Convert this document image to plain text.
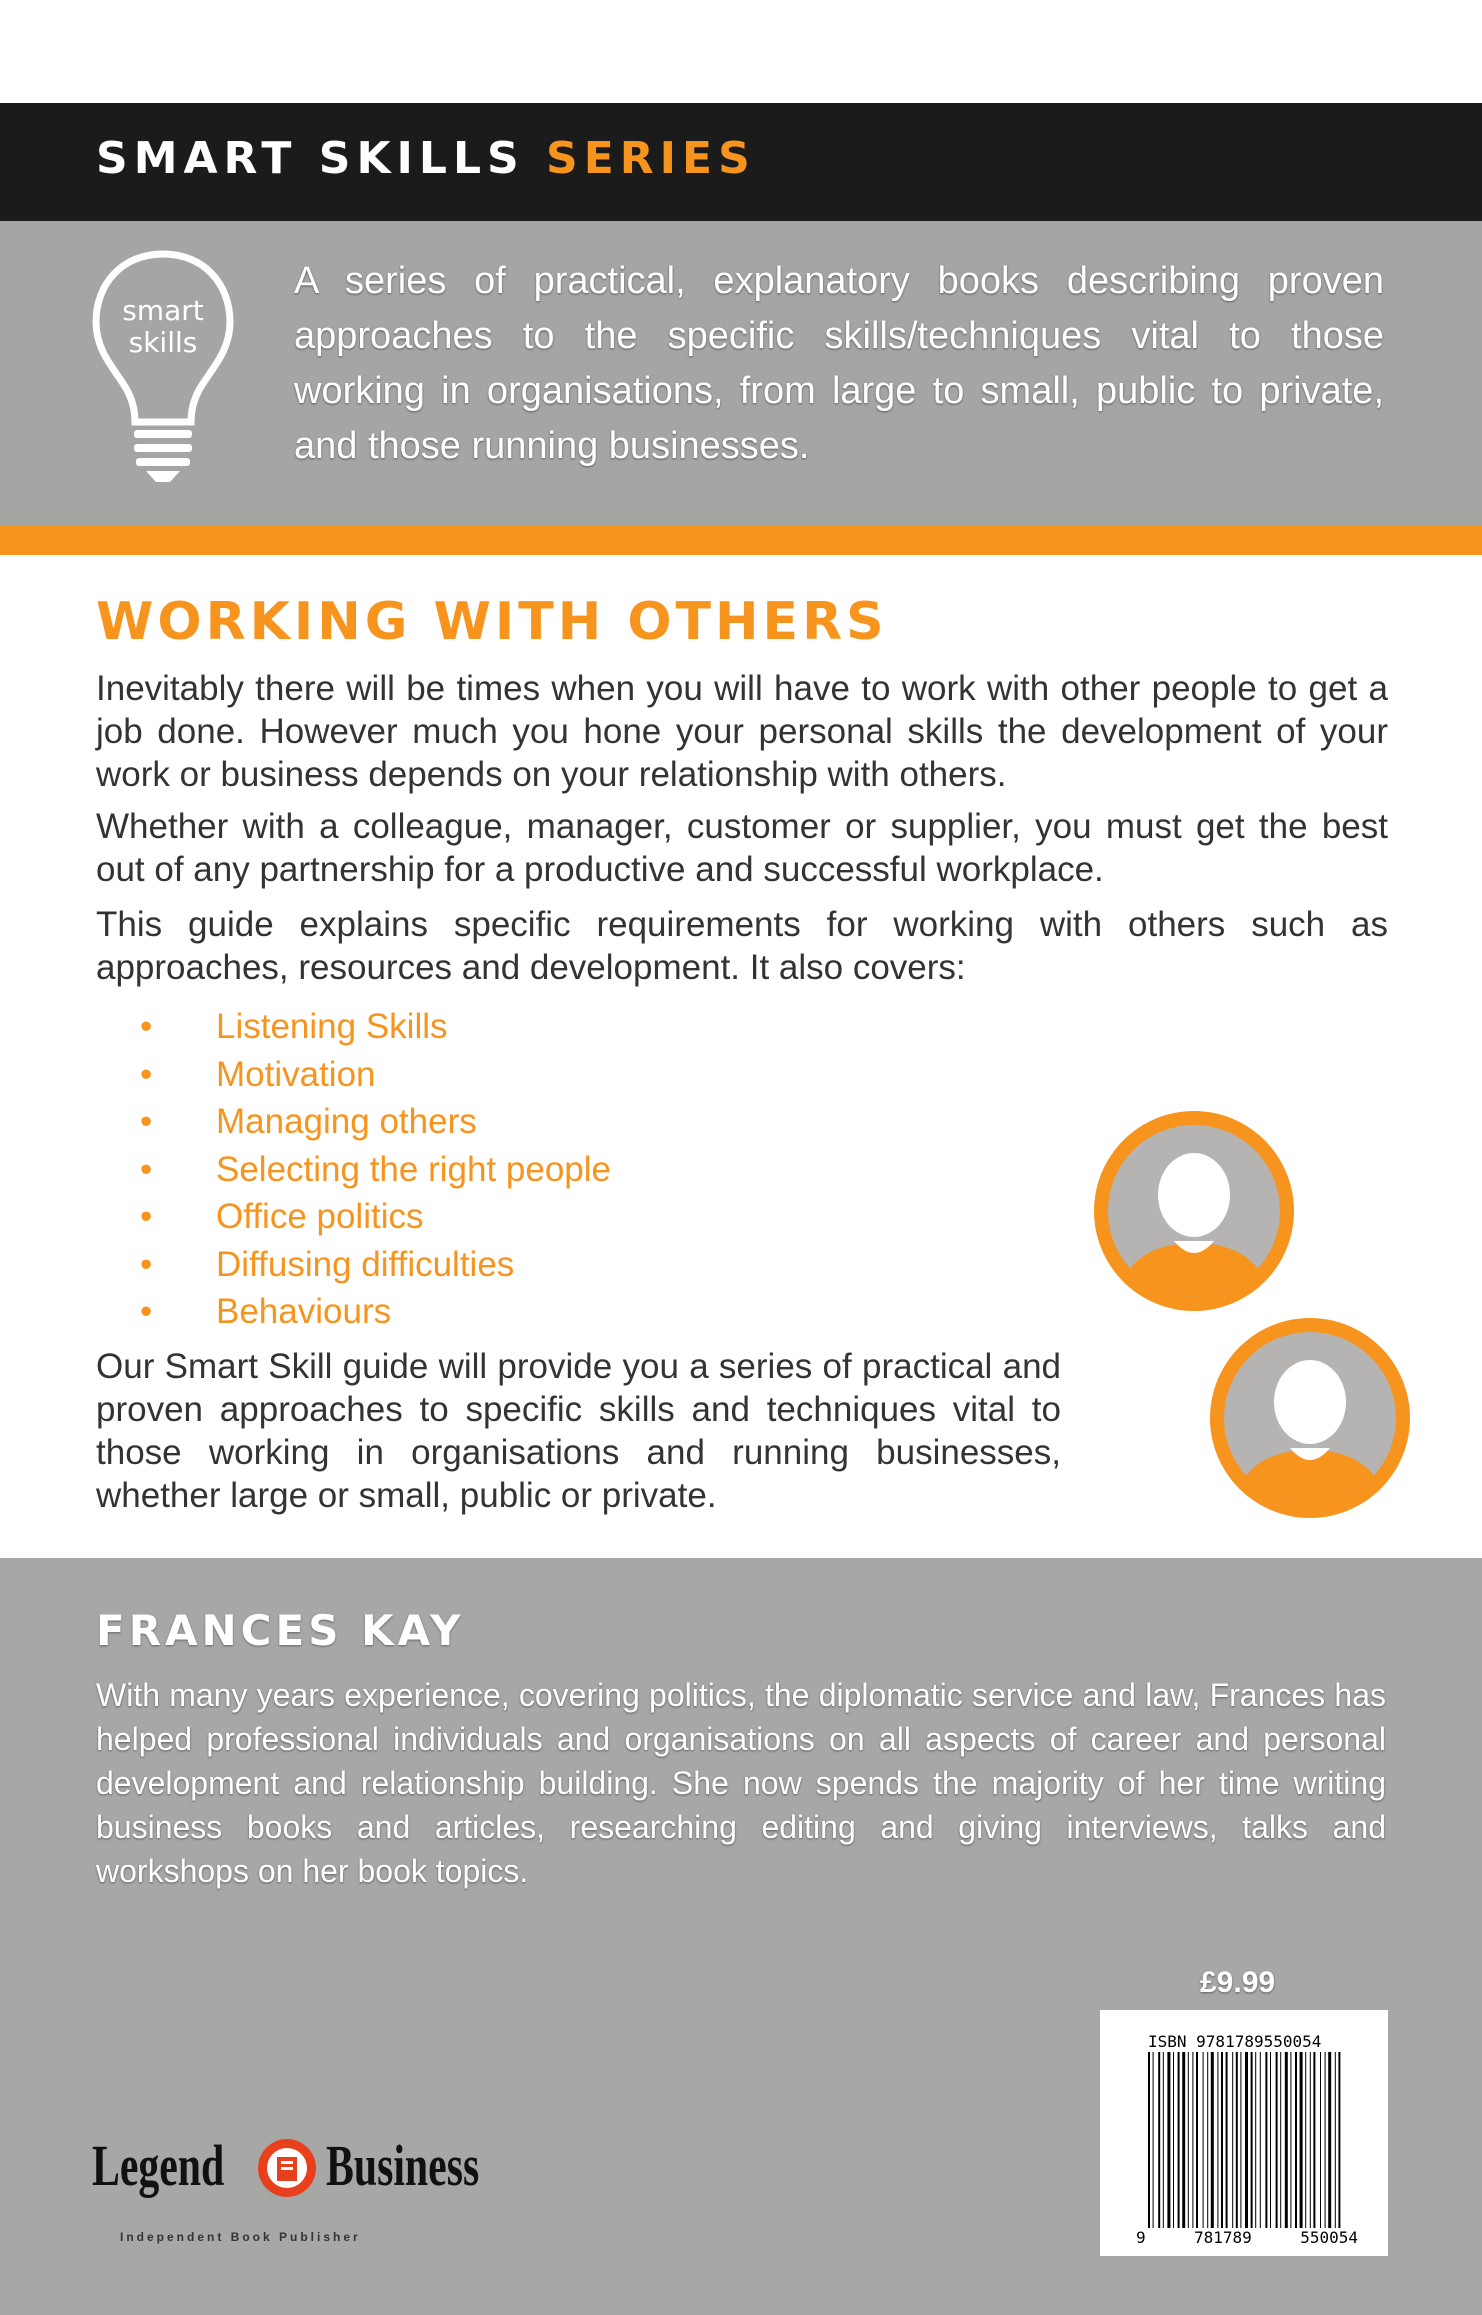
SMART SKILLS SERIES
smart
skills
A series of practical, explanatory books describing proven approaches to the specific skills/techniques vital to those working in organisations, from large to small, public to private, and those running businesses.
WORKING WITH OTHERS
Inevitably there will be times when you will have to work with other people to get a job done. However much you hone your personal skills the development of your work or business depends on your relationship with others.
Whether with a colleague, manager, customer or supplier, you must get the best out of any partnership for a productive and successful workplace.
This guide explains specific requirements for working with others such as approaches, resources and development. It also covers:
• Listening Skills
• Motivation
• Managing others
• Selecting the right people
• Office politics
• Diffusing difficulties
• Behaviours
Our Smart Skill guide will provide you a series of practical and proven approaches to specific skills and techniques vital to those working in organisations and running businesses, whether large or small, public or private.
FRANCES KAY
With many years experience, covering politics, the diplomatic service and law, Frances has helped professional individuals and organisations on all aspects of career and personal development and relationship building. She now spends the majority of her time writing business books and articles, researching editing and giving interviews, talks and workshops on her book topics.
£9.99
ISBN 9781789550054
9	781789	550054
Legend Business
Independent Book Publisher
